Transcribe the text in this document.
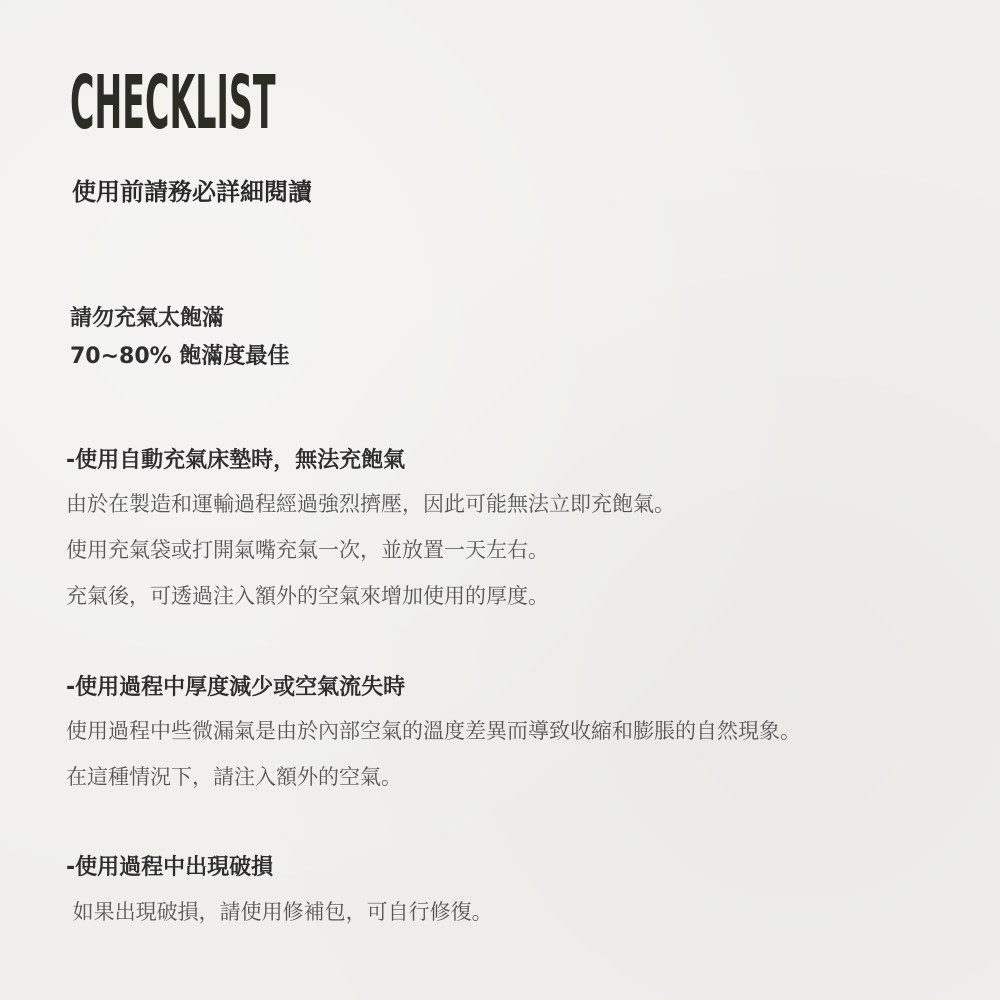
CHECKLIST

使用前請務必詳細閱讀

請勿充氣太飽滿

70~80% 飽滿度最佳

-使用自動充氣床墊時，無法充飽氣

由於在製造和運輸過程經過強烈擠壓，因此可能無法立即充飽氣。

使用充氣袋或打開氣嘴充氣一次，並放置一天左右。

充氣後，可透過注入額外的空氣來增加使用的厚度。

-使用過程中厚度減少或空氣流失時

使用過程中些微漏氣是由於內部空氣的溫度差異而導致收縮和膨脹的自然現象。

在這種情況下，請注入額外的空氣。

-使用過程中出現破損

如果出現破損，請使用修補包，可自行修復。
